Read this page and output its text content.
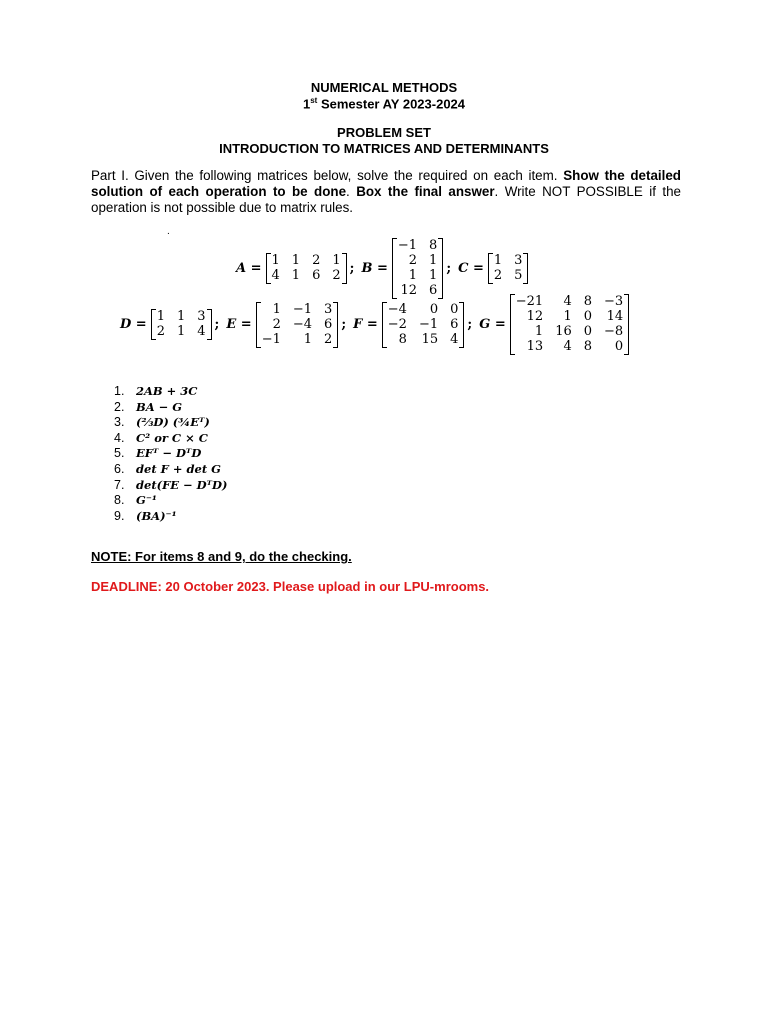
NUMERICAL METHODS
1st Semester AY 2023-2024
PROBLEM SET
INTRODUCTION TO MATRICES AND DETERMINANTS
Part I. Given the following matrices below, solve the required on each item. Show the detailed solution of each operation to be done. Box the final answer. Write NOT POSSIBLE if the operation is not possible due to matrix rules.
.
A =
1 1 2 1
4 1 6 2 ; B =
−1 8
2 1
1 1
12 6
; C =
1 3
2 5
D =
1 1 3
2 1 4 ; E =
1 −1 3
2 −4 6
−1	1 2
; F =
−4	0 0
−2 −1 6
8 15 4
; G =
−21	4 8 −3
12	1 0 14
1 16 0 −8
13	4 8	0
1.	2AB + 3C
2.	BA − G
3.	(⅔D) (¾Eᵀ)
4.	C² or C × C
5.	EFᵀ − DᵀD
6.	det F + det G
7.	det(FE − DᵀD)
8.	G⁻¹
9.	(BA)⁻¹
NOTE: For items 8 and 9, do the checking.
DEADLINE: 20 October 2023. Please upload in our LPU-mrooms.
